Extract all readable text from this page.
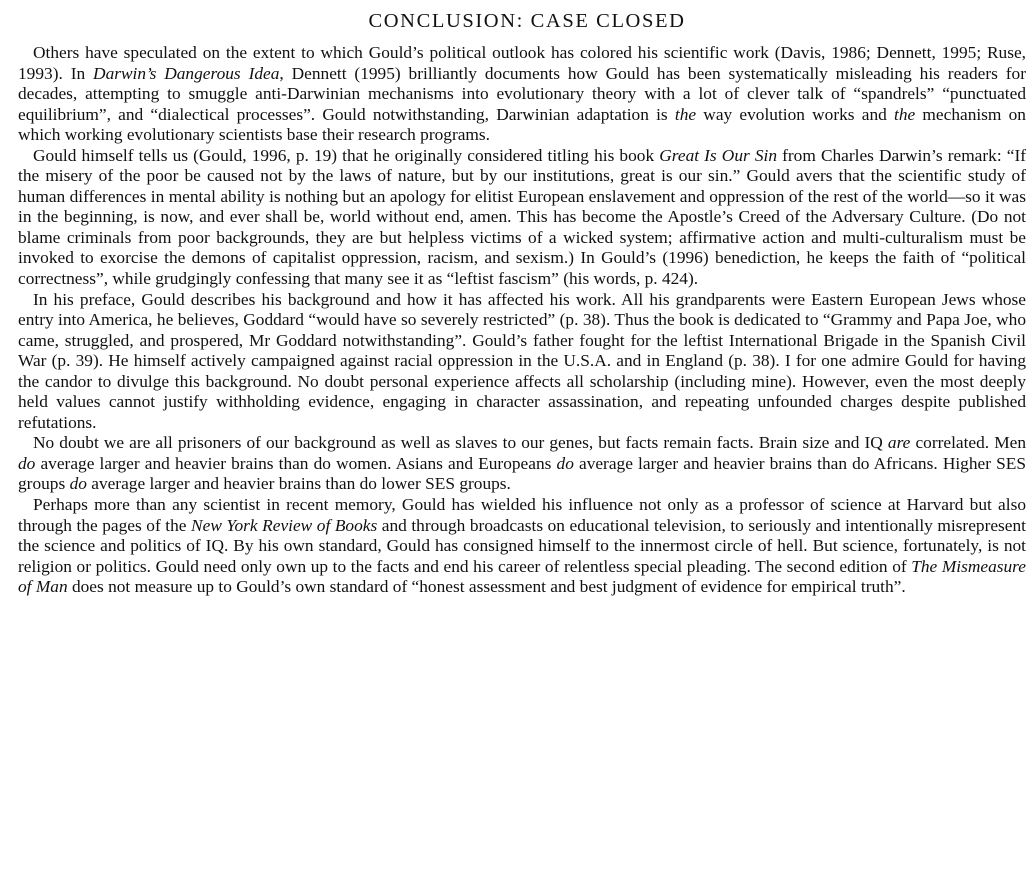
CONCLUSION: CASE CLOSED

Others have speculated on the extent to which Gould’s political outlook has colored his scientific work (Davis, 1986; Dennett, 1995; Ruse, 1993). In Darwin’s Dangerous Idea, Dennett (1995) brilliantly documents how Gould has been systematically misleading his readers for decades, attempting to smuggle anti-Darwinian mechanisms into evolutionary theory with a lot of clever talk of “spandrels” “punctuated equilibrium”, and “dialectical processes”. Gould notwithstanding, Darwinian adaptation is the way evolution works and the mechanism on which working evolutionary scientists base their research programs.

Gould himself tells us (Gould, 1996, p. 19) that he originally considered titling his book Great Is Our Sin from Charles Darwin’s remark: “If the misery of the poor be caused not by the laws of nature, but by our institutions, great is our sin.” Gould avers that the scientific study of human differences in mental ability is nothing but an apology for elitist European enslavement and oppression of the rest of the world—so it was in the beginning, is now, and ever shall be, world without end, amen. This has become the Apostle’s Creed of the Adversary Culture. (Do not blame criminals from poor backgrounds, they are but helpless victims of a wicked system; affirmative action and multi-culturalism must be invoked to exorcise the demons of capitalist oppression, racism, and sexism.) In Gould’s (1996) benediction, he keeps the faith of “political correctness”, while grudgingly confessing that many see it as “leftist fascism” (his words, p. 424).

In his preface, Gould describes his background and how it has affected his work. All his grandparents were Eastern European Jews whose entry into America, he believes, Goddard “would have so severely restricted” (p. 38). Thus the book is dedicated to “Grammy and Papa Joe, who came, struggled, and prospered, Mr Goddard notwithstanding”. Gould’s father fought for the leftist International Brigade in the Spanish Civil War (p. 39). He himself actively campaigned against racial oppression in the U.S.A. and in England (p. 38). I for one admire Gould for having the candor to divulge this background. No doubt personal experience affects all scholarship (including mine). However, even the most deeply held values cannot justify withholding evidence, engaging in character assassination, and repeating unfounded charges despite published refutations.

No doubt we are all prisoners of our background as well as slaves to our genes, but facts remain facts. Brain size and IQ are correlated. Men do average larger and heavier brains than do women. Asians and Europeans do average larger and heavier brains than do Africans. Higher SES groups do average larger and heavier brains than do lower SES groups.

Perhaps more than any scientist in recent memory, Gould has wielded his influence not only as a professor of science at Harvard but also through the pages of the New York Review of Books and through broadcasts on educational television, to seriously and intentionally misrepresent the science and politics of IQ. By his own standard, Gould has consigned himself to the innermost circle of hell. But science, fortunately, is not religion or politics. Gould need only own up to the facts and end his career of relentless special pleading. The second edition of The Mismeasure of Man does not measure up to Gould’s own standard of “honest assessment and best judgment of evidence for empirical truth”.
